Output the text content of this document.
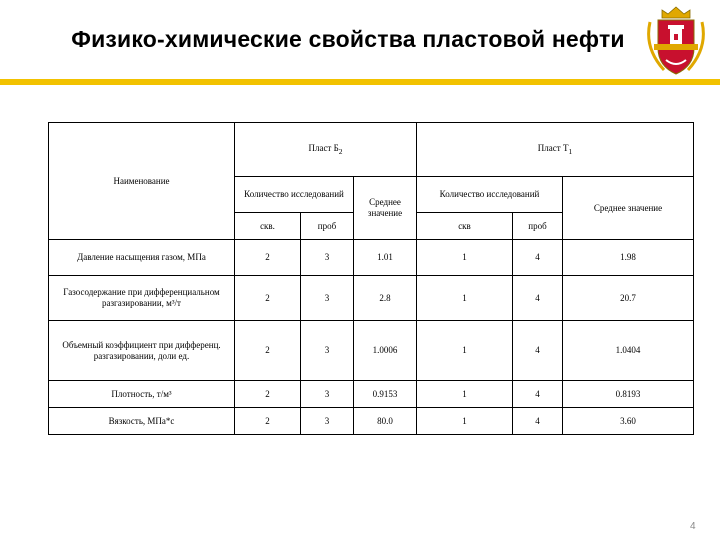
Физико-химические свойства пластовой нефти
Наименование	Пласт $Б_2$			Пласт $Т_1$
	Количество исследований		Среднее значение	Количество исследований		Среднее значение
	скв.	проб		скв	проб	
Давление насыщения газом, МПа	2	3	1.01	1	4	1.98
Газосодержание при дифференциальном разгазировании, м³/т	2	3	2.8	1	4	20.7
Объемный коэффициент при дифференц. разгазировании, доли ед.	2	3	1.0006	1	4	1.0404
Плотность, т/м³	2	3	0.9153	1	4	0.8193
Вязкость, МПа*с	2	3	80.0	1	4	3.60
4
